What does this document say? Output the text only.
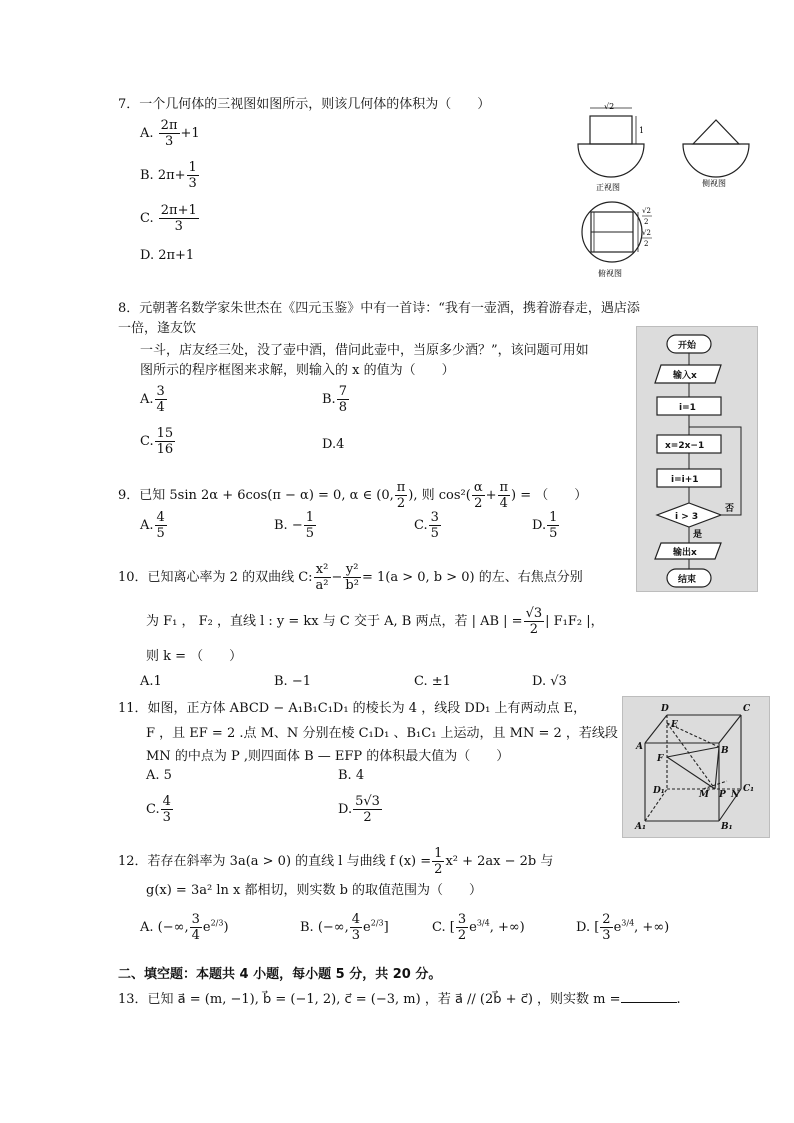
7．一个几何体的三视图如图所示，则该几何体的体积为（　　）
A. $\frac{2\pi}{3} +1$
B. $2\pi+ \frac{1}{3}$
C. $\frac{2\pi+1}{3}$
D. 2π+1
√2
1
正视图	侧视图
√2
2
√2
2
俯视图
8．元朝著名数学家朱世杰在《四元玉鉴》中有一首诗：“我有一壶酒，携着游春走，遇店添
一倍，逢友饮
一斗，店友经三处，没了壶中酒，借问此壶中，当原多少酒？”，该问题可用如
图所示的程序框图来求解，则输入的 x 的值为（　　）
A. $\frac{3}{4}$	B. $\frac{7}{8}$
C. $\frac{15}{16}$	D.4
开始
输入x
i=1
x=2x−1
i=i+1
i > 3
否
是
输出x
结束
9．已知 5sin 2α + 6cos(π − α) = 0, α ∈ (0, $\frac{\pi}{2}$ ), 则 $\cos^2( \frac{\alpha}{2} + \frac{\pi}{4}$ ) = （　　）
A. $\frac{4}{5}$	B. − $\frac{1}{5}$	C. $\frac{3}{5}$	D. $\frac{1}{5}$
10．已知离心率为 2 的双曲线 C: $\frac{\text{x²}}{\text{a²}} - \frac{\text{y²}}{\text{b²}} = 1(a > 0$, b > 0) 的左、右焦点分别
为 F₁ ， F₂ ，直线 l : y = kx 与 C 交于 A, B 两点，若 | AB | = $\frac{√3}{2}$ | F₁F₂ |，
则 k = （　　）
A.1	B. −1	C. ±1	D. √3
11．如图，正方体 ABCD − A₁B₁C₁D₁ 的棱长为 4 ，线段 DD₁ 上有两动点 E，
F ，且 EF = 2 .点 M、N 分别在棱 C₁D₁ 、B₁C₁ 上运动，且 MN = 2 ，若线段
MN 的中点为 P ,则四面体 B — EFP 的体积最大值为（　　）
A. 5	B. 4
C. $\frac{4}{3}$	D. $\frac{5√3}{2}$
D	C
E
A	B
F
D₁	C₁
M P N
A₁	B₁
12．若存在斜率为 3a(a > 0) 的直线 l 与曲线 f $(x) = \frac{1}{2} x^2 + 2ax - 2b$ 与
g(x) = 3a² ln x 都相切，则实数 b 的取值范围为（　　）
A. (−∞, $\frac{3}{4} e^{2/3}$)	B. (−∞, $\frac{4}{3} e^{2/3}$]	C. [ $\frac{3}{2} e^{3/4}$, +∞)	D. [ $\frac{2}{3} e^{3/4}$, +∞)
二、填空题：本题共 4 小题，每小题 5 分，共 20 分。
13．已知 a⃗ = (m, −1), b⃗ = (−1, 2), c⃗ = (−3, m) ，若 a⃗ // (2b⃗ + c⃗) ，则实数 m =	.
